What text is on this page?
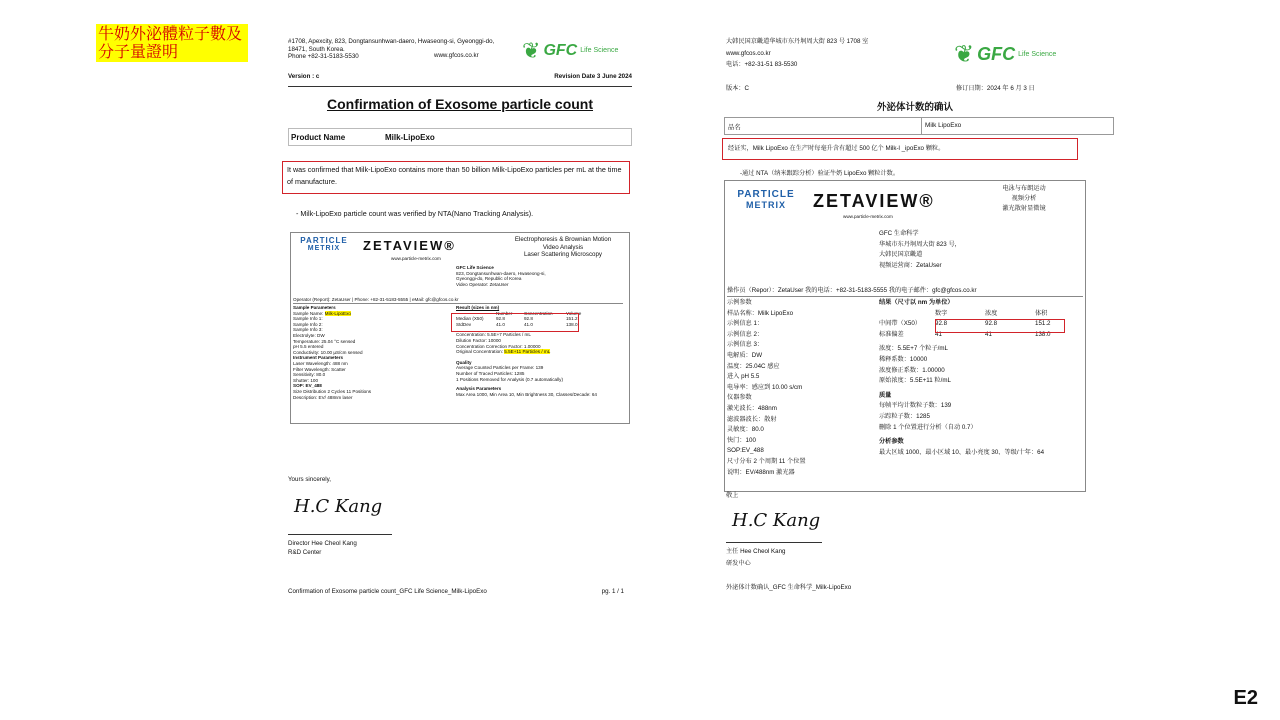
牛奶外泌體粒子數及分子量證明
E2
#1708, Apexcity, 823, Dongtansunhwan-daero, Hwaseong-si, Gyeonggi-do, 18471, South Korea.
Phone +82-31-5183-5530	www.gfcos.co.kr ❦ GFC Life Science
Version : c	Revision Date 3 June 2024
Confirmation of Exosome particle count
Product Name	Milk-LipoExo
It was confirmed that Milk-LipoExo contains more than 50 billion Milk-LipoExo particles per mL at the time of manufacture.
- Milk-LipoExo particle count was verified by NTA(Nano Tracking Analysis).
PARTICLE
METRIX	ZETAVIEW®
www.particle-metrix.com
Electrophoresis & Brownian Motion
Video Analysis
Laser Scattering Microscopy
GFC Life Science
823, Dongtansunhwan-daero, Hwaseong-si,
Gyeonggi-do, Republic of Korea
Video Operator: ZetaUser
Operator (Report): ZetaUser | Phone: +82-31-5183-5555 | eMail: gfc@gfcos.co.kr
Sample Parameters
Sample Name: Milk-LipoExo
Sample Info 1:
Sample Info 2:
Sample Info 3:
Electrolyte: DW
Temperature: 25.04 °C sensed
pH 5.5 entered
Conductivity: 10.00 µS/cm sensed
Instrument Parameters
Laser Wavelength: 488 nm
Filter Wavelength: Scatter
Sensitivity: 80.0
Shutter: 100
SOP: EV_488
Size Distribution 2 Cycles 11 Positions
Description: EV/ 488nm laser
Result (sizes in nm)
Number	Concentration	Volume
Median (X50)	92.8	92.8	151.2
StdDev	41.0	41.0	138.0
Concentration: 5.5E+7 Particles / mL
Dilution Factor: 10000
Concentration Correction Factor: 1.00000
Original Concentration: 5.5E+11 Particles / mL
Quality
Average Counted Particles per Frame: 139
Number of Traced Particles: 1285
1 Positions Removed for Analysis (0.7 automatically)
Analysis Parameters
Max Area 1000, Min Area 10, Min Brightness 30, Classes/Decade: 64
Yours sincerely,
H.C Kang
Director Hee Cheol Kang
R&D Center
Confirmation of Exosome particle count_GFC Life Science_Milk-LipoExo	pg. 1 / 1
大韩民国京畿道华城市东丹坰周大街 823 号 1708 室
www.gfcos.co.kr
电话：+82-31-51 83-5530	❦ GFC Life Science
版本：C	修订日期：2024 年 6 月 3 日
外泌体计数的确认
品名	Milk LipoExo
经证实，Milk LipoExo 在生产时每毫升含有超过 500 亿个 Milk-l _ipoExo 颗粒。
-通过 NTA（纳米跟踪分析）验证牛奶 LipoExo 颗粒计数。
PARTICLE
METRIX	ZETAVIEW®
www.particle-metrix.com
电泳与布朗运动
视频分析
激光散射显微镜
GFC 生命科学
华城市东丹坰周大街 823 号，
大韩民国京畿道
视频运营商：ZetaUser
操作员（Repor）：ZetaUser 我的电话：+82-31-5183-5555 我的电子邮件：gfc@gfcos.co.kr
示例参数
样品名称：Milk LipoExo
示例信息 1：
示例信息 2：
示例信息 3：
电解质：DW
温度：25.04C 感应
进入 pH 5.5
电导率：感应到 10.00 s/cm
仪器参数
激光波长：488nm
滤波器波长：散射
灵敏度：80.0
快门：100
SOP:EV_488
尺寸分布 2 个周期 11 个位置
说明：EV/488nm 激光器
结果（尺寸以 nm 为单位）
数字	浓度	体积
中间带（X50）	92.8	92.8	151.2
标准偏差	41	41	138.0
浓度：5.5E+7 个粒子/mL
稀释系数：10000
浓度修正系数：1.00000
原始浓度：5.5E+11 粒/mL
质量
每帧平均计数粒子数：139
示踪粒子数：1285
删除 1 个位置进行分析（自动 0.7）
分析参数
最大区域 1000、最小区域 10、最小亮度 30、等级/十年：64
敬上
H.C Kang
主任 Hee Cheol Kang
研发中心
外泌体计数确认_GFC 生命科学_Milk-LipoExo
